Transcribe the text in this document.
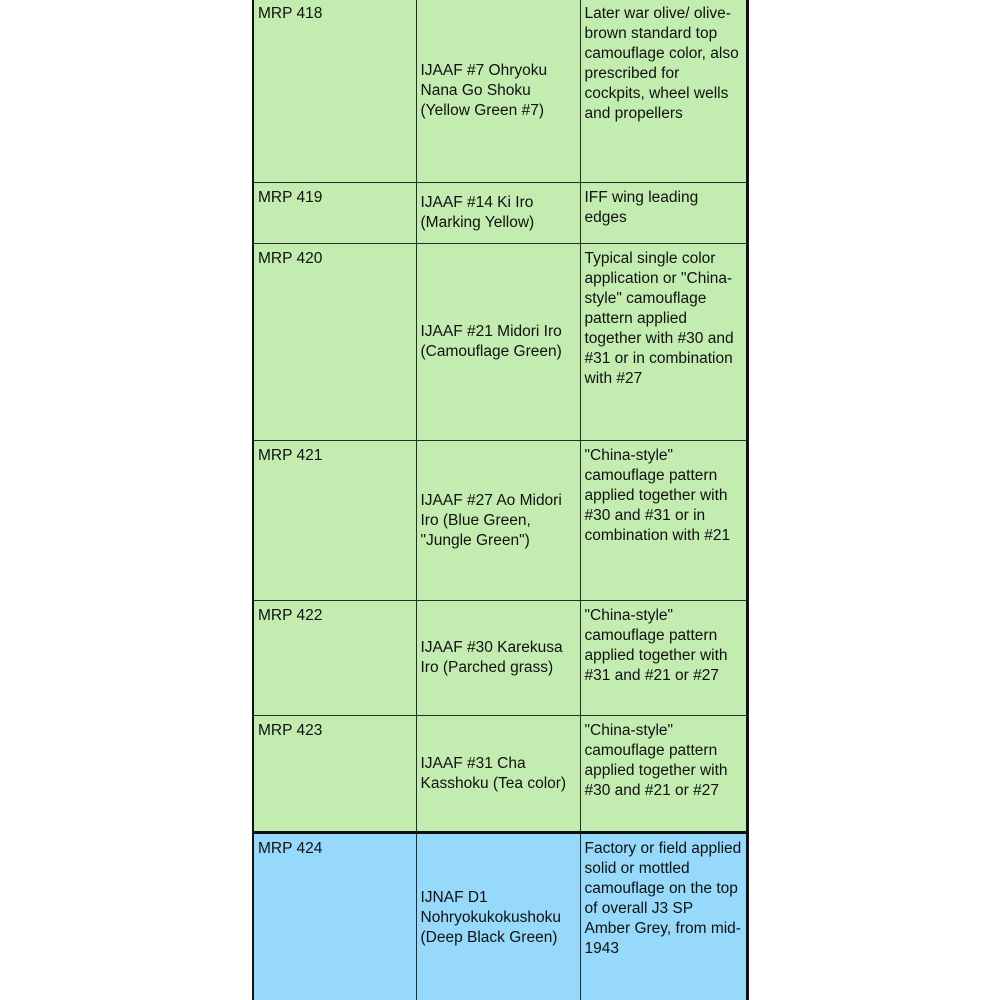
MRP 418	IJAAF #7 Ohryoku Nana Go Shoku (Yellow Green #7)	Later war olive/ olive-brown standard top camouflage color, also prescribed for cockpits, wheel wells and propellers
MRP 419	IJAAF #14 Ki Iro (Marking Yellow)	IFF wing leading edges
MRP 420	IJAAF #21 Midori Iro (Camouflage Green)	Typical single color application or "China-style" camouflage pattern applied together with #30 and #31 or in combination with #27
MRP 421	IJAAF #27 Ao Midori Iro (Blue Green, "Jungle Green")	"China-style" camouflage pattern applied together with #30 and #31 or in combination with #21
MRP 422	IJAAF #30 Karekusa Iro (Parched grass)	"China-style" camouflage pattern applied together with #31 and #21 or #27
MRP 423	IJAAF #31 Cha Kasshoku (Tea color)	"China-style" camouflage pattern applied together with #30 and #21 or #27
MRP 424	IJNAF D1 Nohryokukokushoku (Deep Black Green)	Factory or field applied solid or mottled camouflage on the top of overall J3 SP Amber Grey, from mid-1943
